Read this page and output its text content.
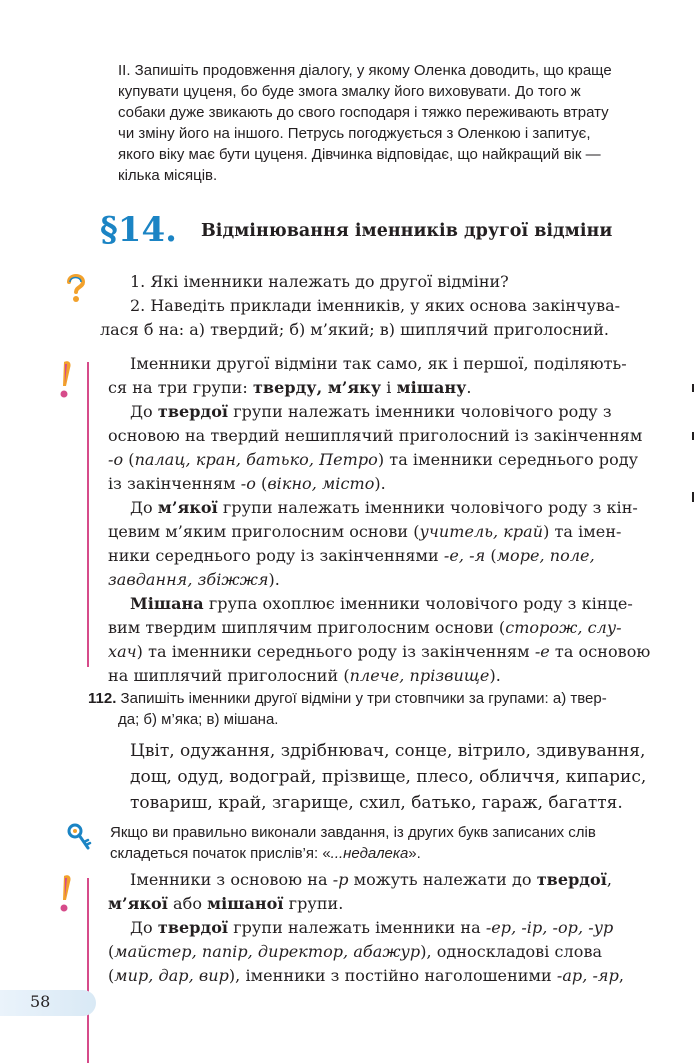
ІІ. Запишіть продовження діалогу, у якому Оленка доводить, що краще
купувати цуценя, бо буде змога змалку його виховувати. До того ж
собаки дуже звикають до свого господаря і тяжко переживають втрату
чи зміну його на іншого. Петрусь погоджується з Оленкою і запитує,
якого віку має бути цуценя. Дівчинка відповідає, що найкращий вік —
кілька місяців.
§14. Відмінювання іменників другої відміни
1. Які іменники належать до другої відміни?
2. Наведіть приклади іменників, у яких основа закінчува-
лася б на: а) твердий; б) м’який; в) шиплячий приголосний.
Іменники другої відміни так само, як і першої, поділяють-
ся на три групи: тверду, м’яку і мішану.
До твердої групи належать іменники чоловічого роду з
основою на твердий нешиплячий приголосний із закінченням
-о (палац, кран, батько, Петро) та іменники середнього роду
із закінченням -о (вікно, місто).
До м’якої групи належать іменники чоловічого роду з кін-
цевим м’яким приголосним основи (учитель, край) та імен-
ники середнього роду із закінченнями -е, -я (море, поле,
завдання, збіжжя).
Мішана група охоплює іменники чоловічого роду з кінце-
вим твердим шиплячим приголосним основи (сторож, слу-
хач) та іменники середнього роду із закінченням -е та основою
на шиплячий приголосний (плече, прізвище).
112. Запишіть іменники другої відміни у три стовпчики за групами: а) твер-
да; б) м’яка; в) мішана.
Цвіт, одужання, здрібнювач, сонце, вітрило, здивування,
дощ, одуд, водограй, прізвище, плесо, обличчя, кипарис,
товариш, край, згарище, схил, батько, гараж, багаття.
Якщо ви правильно виконали завдання, із других букв записаних слів
складеться початок прислів’я: «...недалека».
Іменники з основою на -р можуть належати до твердої,
м’якої або мішаної групи.
До твердої групи належать іменники на -ер, -ір, -ор, -ур
(майстер, папір, директор, абажур), односкладові слова
(мир, дар, вир), іменники з постійно наголошеними -ар, -яр,
58
